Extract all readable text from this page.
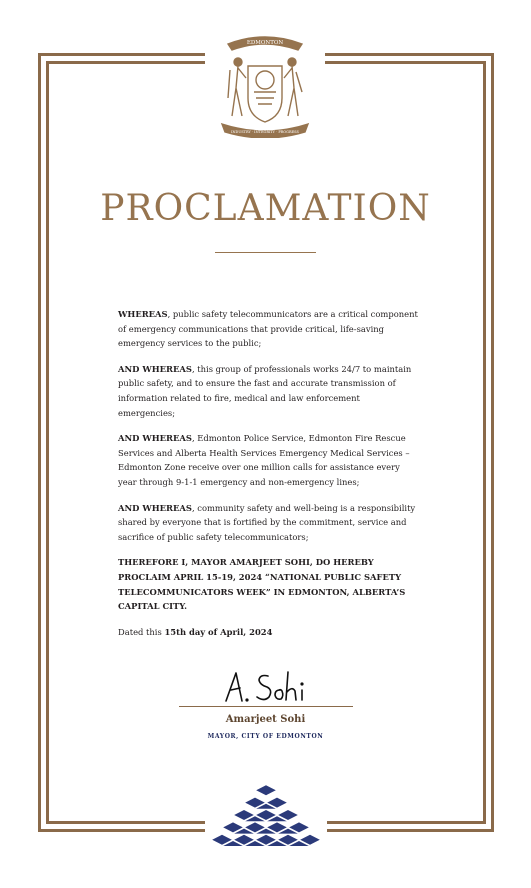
EDMONTON
INDUSTRY · INTEGRITY · PROGRESS
PROCLAMATION

WHEREAS, public safety telecommunicators are a critical component of emergency communications that provide critical, life-saving emergency services to the public;

AND WHEREAS, this group of professionals works 24/7 to maintain public safety, and to ensure the fast and accurate transmission of information related to fire, medical and law enforcement emergencies;

AND WHEREAS, Edmonton Police Service, Edmonton Fire Rescue Services and Alberta Health Services Emergency Medical Services – Edmonton Zone receive over one million calls for assistance every year through 9-1-1 emergency and non-emergency lines;

AND WHEREAS, community safety and well-being is a responsibility shared by everyone that is fortified by the commitment, service and sacrifice of public safety telecommunicators;

THEREFORE I, MAYOR AMARJEET SOHI, DO HEREBY PROCLAIM APRIL 15-19, 2024 “NATIONAL PUBLIC SAFETY TELECOMMUNICATORS WEEK” IN EDMONTON, ALBERTA’S CAPITAL CITY.

Dated this 15th day of April, 2024

Amarjeet Sohi
MAYOR, CITY OF EDMONTON
